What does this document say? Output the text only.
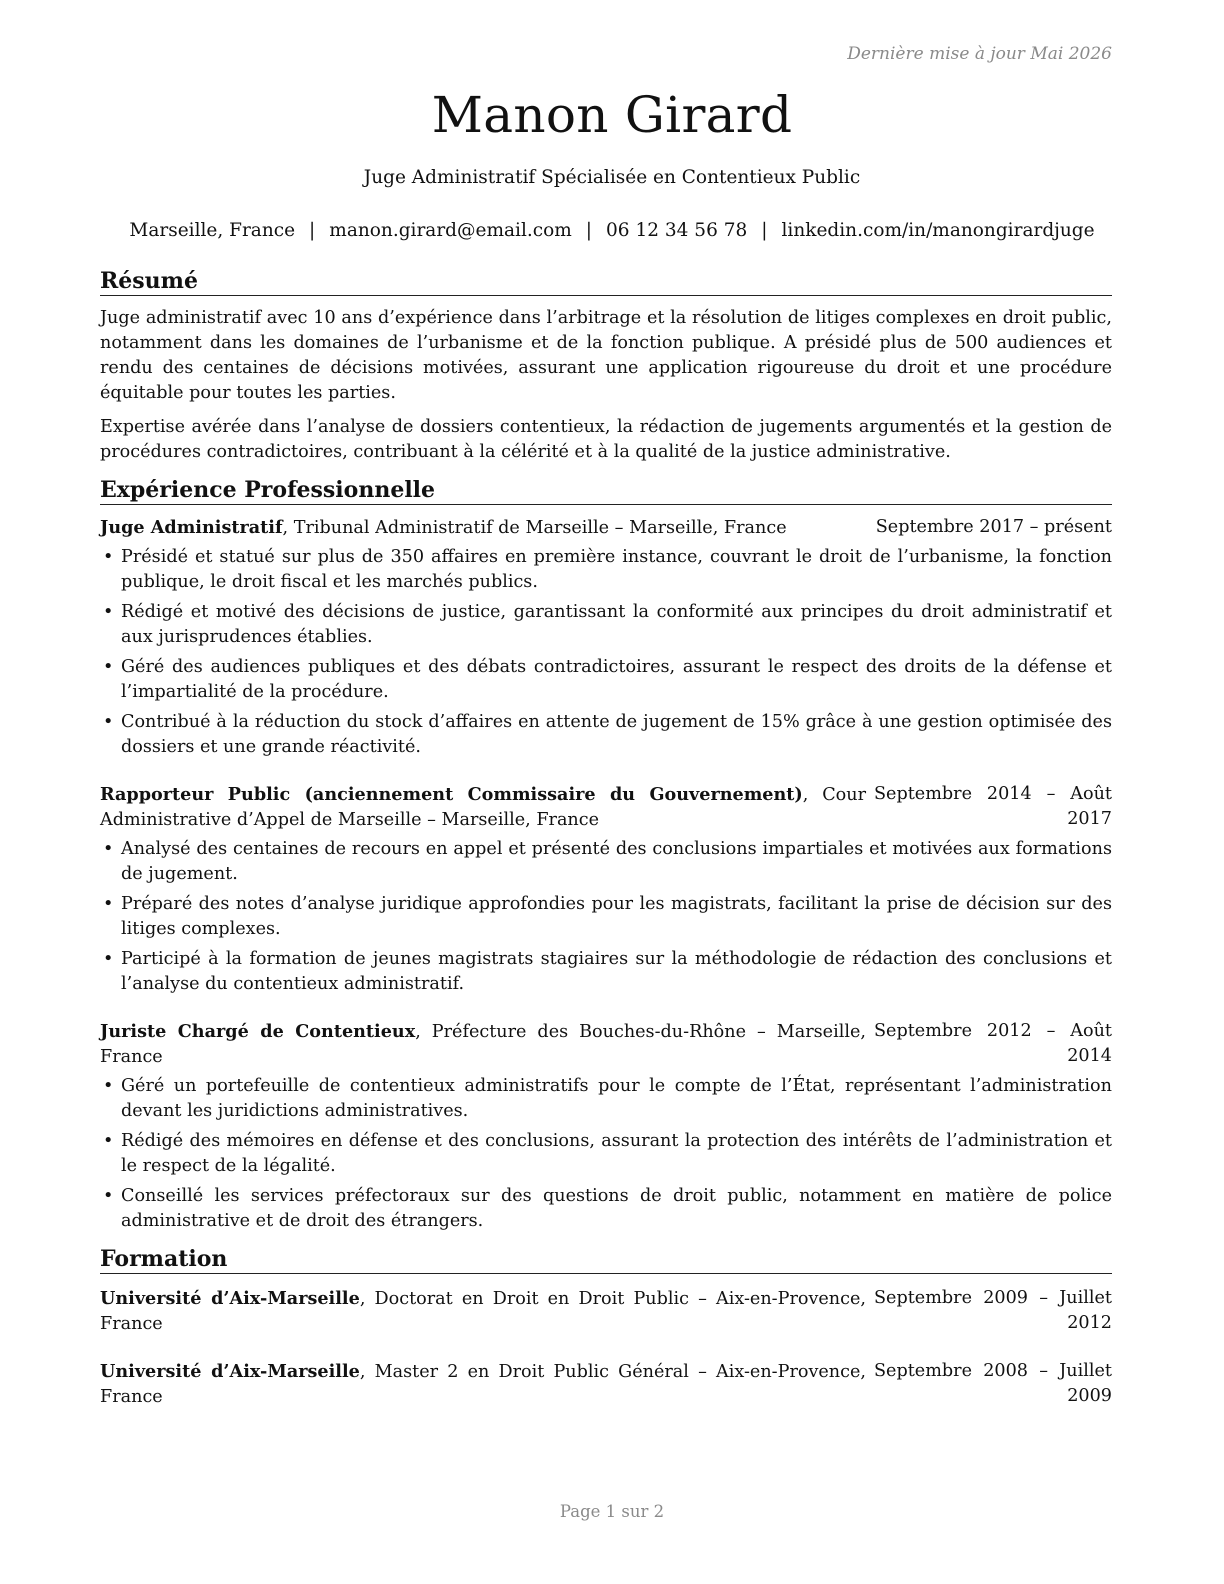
Dernière mise à jour Mai 2026
Manon Girard
Juge Administratif Spécialisée en Contentieux Public
Marseille, France | manon.girard@email.com | 06 12 34 56 78 | linkedin.com/in/manongirardjuge
Résumé

Juge administratif avec 10 ans d’expérience dans l’arbitrage et la résolution de litiges complexes en droit public, notamment dans les domaines de l’urbanisme et de la fonction publique. A présidé plus de 500 audiences et rendu des centaines de décisions motivées, assurant une application rigoureuse du droit et une procédure équitable pour toutes les parties.

Expertise avérée dans l’analyse de dossiers contentieux, la rédaction de jugements argumentés et la gestion de procédures contradictoires, contribuant à la célérité et à la qualité de la justice administrative.

Expérience Professionnelle
Juge Administratif, Tribunal Administratif de Marseille – Marseille, France	Septembre 2017 – présent
• Présidé et statué sur plus de 350 affaires en première instance, couvrant le droit de l’urbanisme, la fonction publique, le droit fiscal et les marchés publics.
• Rédigé et motivé des décisions de justice, garantissant la conformité aux principes du droit administratif et aux jurisprudences établies.
• Géré des audiences publiques et des débats contradictoires, assurant le respect des droits de la défense et l’impartialité de la procédure.
• Contribué à la réduction du stock d’affaires en attente de jugement de 15% grâce à une gestion optimisée des dossiers et une grande réactivité.
Rapporteur Public (anciennement Commissaire du Gouvernement), Cour Administrative d’Appel de Marseille – Marseille, France
Septembre 2014 – Août 2017
• Analysé des centaines de recours en appel et présenté des conclusions impartiales et motivées aux formations de jugement.
• Préparé des notes d’analyse juridique approfondies pour les magistrats, facilitant la prise de décision sur des litiges complexes.
• Participé à la formation de jeunes magistrats stagiaires sur la méthodologie de rédaction des conclusions et l’analyse du contentieux administratif.
Juriste Chargé de Contentieux, Préfecture des Bouches-du-Rhône – Marseille, France
Septembre 2012 – Août 2014
• Géré un portefeuille de contentieux administratifs pour le compte de l’État, représentant l’administration devant les juridictions administratives.
• Rédigé des mémoires en défense et des conclusions, assurant la protection des intérêts de l’administration et le respect de la légalité.
• Conseillé les services préfectoraux sur des questions de droit public, notamment en matière de police administrative et de droit des étrangers.
Formation
Université d’Aix-Marseille, Doctorat en Droit en Droit Public – Aix-en-Provence, France
Septembre 2009 – Juillet 2012
Université d’Aix-Marseille, Master 2 en Droit Public Général – Aix-en-Provence, France
Septembre 2008 – Juillet 2009
Page 1 sur 2
